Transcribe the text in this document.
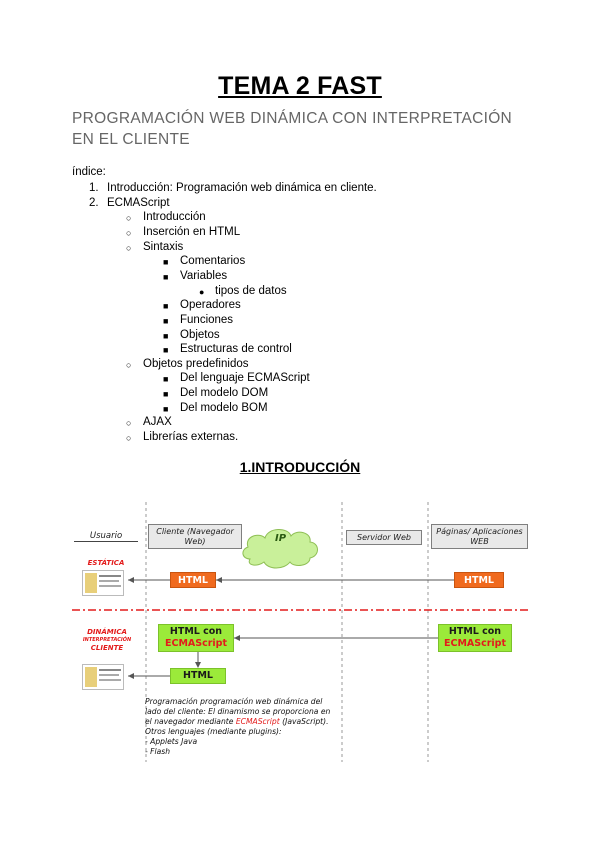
TEMA 2 FAST
PROGRAMACIÓN WEB DINÁMICA CON INTERPRETACIÓN EN EL CLIENTE
índice:
1. Introducción: Programación web dinámica en cliente.
2. ECMAScript
○ Introducción
○ Inserción en HTML
○ Sintaxis
■ Comentarios
■ Variables
● tipos de datos
■ Operadores
■ Funciones
■ Objetos
■ Estructuras de control
○ Objetos predefinidos
■ Del lenguaje ECMAScript
■ Del modelo DOM
■ Del modelo BOM
○ AJAX
○ Librerías externas.
1.INTRODUCCIÓN
Usuario	Cliente (Navegador Web)	IP	Servidor Web
Páginas/ Aplicaciones WEB
ESTÁTICA
HTML	HTML
DINÁMICA
INTERPRETACIÓN
CLIENTE
HTML con
ECMAScript
HTML con
ECMAScript
HTML
Programación programación web dinámica del
lado del cliente: El dinamismo se proporciona en
el navegador mediante ECMAScript (JavaScript).
Otros lenguajes (mediante plugins):
- Applets Java
- Flash
